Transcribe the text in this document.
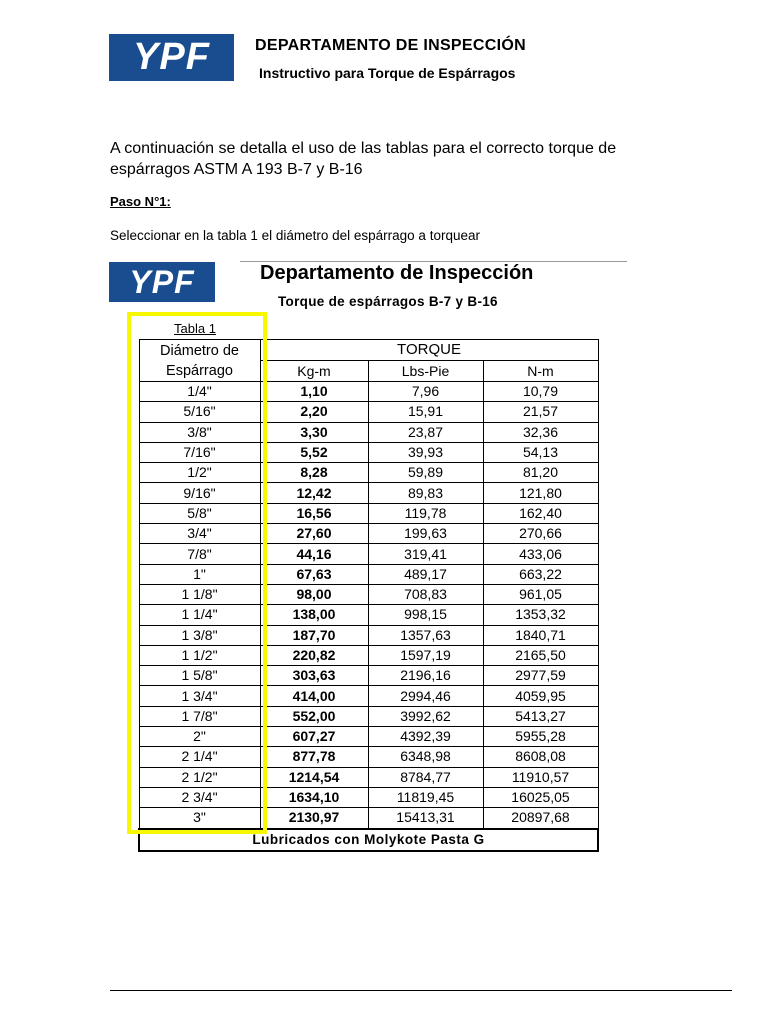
YPF	DEPARTAMENTO DE INSPECCIÓN
Instructivo para Torque de Espárragos
A continuación se detalla el uso de las tablas para el correcto torque de espárragos ASTM A 193 B-7 y B-16
Paso N°1:
Seleccionar en la tabla 1 el diámetro del espárrago a torquear
YPF	Departamento de Inspección
Torque de espárragos B-7 y B-16
Tabla 1
Diámetro de
Espárrago	TORQUE		
	Kg-m	Lbs-Pie	N-m
1/4"	1,10	7,96	10,79
5/16"	2,20	15,91	21,57
3/8"	3,30	23,87	32,36
7/16"	5,52	39,93	54,13
1/2"	8,28	59,89	81,20
9/16"	12,42	89,83	121,80
5/8"	16,56	119,78	162,40
3/4"	27,60	199,63	270,66
7/8"	44,16	319,41	433,06
1"	67,63	489,17	663,22
1 1/8"	98,00	708,83	961,05
1 1/4"	138,00	998,15	1353,32
1 3/8"	187,70	1357,63	1840,71
1 1/2"	220,82	1597,19	2165,50
1 5/8"	303,63	2196,16	2977,59
1 3/4"	414,00	2994,46	4059,95
1 7/8"	552,00	3992,62	5413,27
2"	607,27	4392,39	5955,28
2 1/4"	877,78	6348,98	8608,08
2 1/2"	1214,54	8784,77	11910,57
2 3/4"	1634,10	11819,45	16025,05
3"	2130,97	15413,31	20897,68
Lubricados con Molykote Pasta G			
